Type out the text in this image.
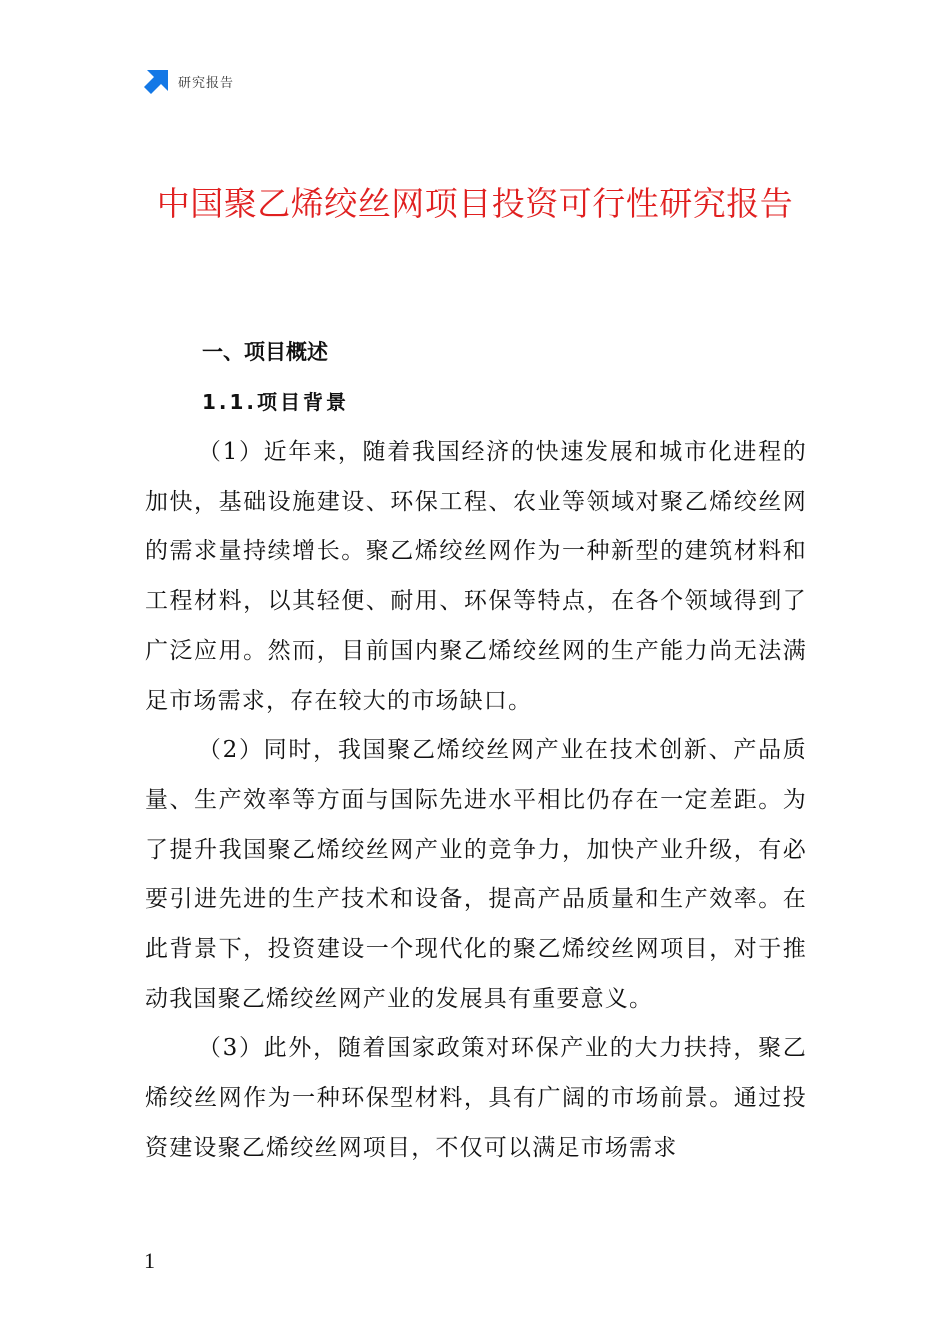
研究报告
中国聚乙烯绞丝网项目投资可行性研究报告
一、项目概述
1.1.项目背景

（1）近年来，随着我国经济的快速发展和城市化进程的加快，基础设施建设、环保工程、农业等领域对聚乙烯绞丝网的需求量持续增长。聚乙烯绞丝网作为一种新型的建筑材料和工程材料，以其轻便、耐用、环保等特点，在各个领域得到了广泛应用。然而，目前国内聚乙烯绞丝网的生产能力尚无法满足市场需求，存在较大的市场缺口。

（2）同时，我国聚乙烯绞丝网产业在技术创新、产品质量、生产效率等方面与国际先进水平相比仍存在一定差距。为了提升我国聚乙烯绞丝网产业的竞争力，加快产业升级，有必要引进先进的生产技术和设备，提高产品质量和生产效率。在此背景下，投资建设一个现代化的聚乙烯绞丝网项目，对于推动我国聚乙烯绞丝网产业的发展具有重要意义。

（3）此外，随着国家政策对环保产业的大力扶持，聚乙烯绞丝网作为一种环保型材料，具有广阔的市场前景。通过投资建设聚乙烯绞丝网项目，不仅可以满足市场需求

1
